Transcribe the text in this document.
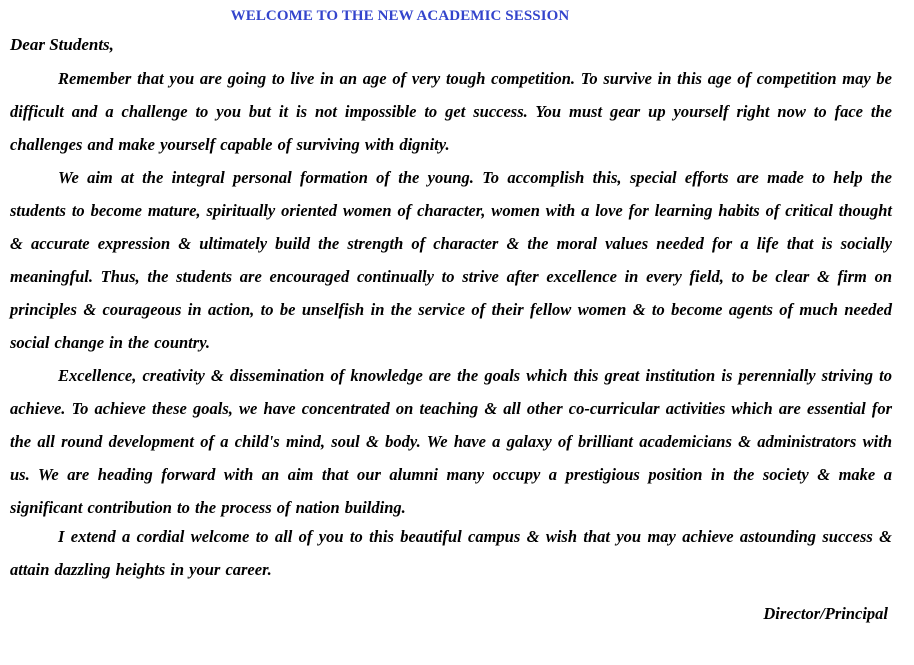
WELCOME TO THE NEW ACADEMIC SESSION
Dear Students,

Remember that you are going to live in an age of very tough competition. To survive in this age of competition may be difficult and a challenge to you but it is not impossible to get success. You must gear up yourself right now to face the challenges and make yourself capable of surviving with dignity.

We aim at the integral personal formation of the young. To accomplish this, special efforts are made to help the students to become mature, spiritually oriented women of character, women with a love for learning habits of critical thought & accurate expression & ultimately build the strength of character & the moral values needed for a life that is socially meaningful. Thus, the students are encouraged continually to strive after excellence in every field, to be clear & firm on principles & courageous in action, to be unselfish in the service of their fellow women & to become agents of much needed social change in the country.

Excellence, creativity & dissemination of knowledge are the goals which this great institution is perennially striving to achieve. To achieve these goals, we have concentrated on teaching & all other co-curricular activities which are essential for the all round development of a child's mind, soul & body. We have a galaxy of brilliant academicians & administrators with us. We are heading forward with an aim that our alumni many occupy a prestigious position in the society & make a significant contribution to the process of nation building.

I extend a cordial welcome to all of you to this beautiful campus & wish that you may achieve astounding success & attain dazzling heights in your career.

Director/Principal
